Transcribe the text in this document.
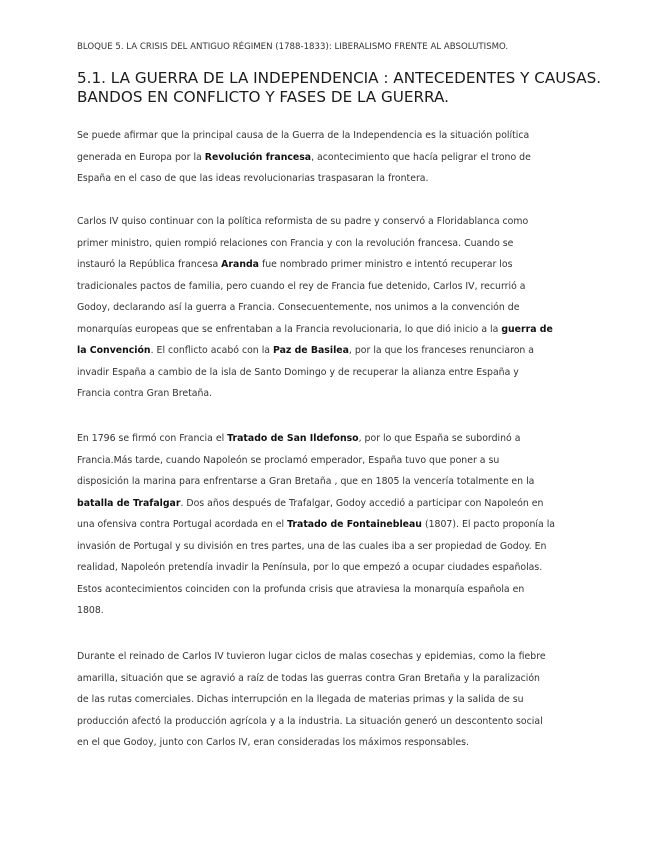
BLOQUE 5. LA CRISIS DEL ANTIGUO RÉGIMEN (1788-1833): LIBERALISMO FRENTE AL ABSOLUTISMO.
5.1. LA GUERRA DE LA INDEPENDENCIA : ANTECEDENTES Y CAUSAS.
BANDOS EN CONFLICTO Y FASES DE LA GUERRA.

Se puede afirmar que la principal causa de la Guerra de la Independencia es la situación política
generada en Europa por la Revolución francesa, acontecimiento que hacía peligrar el trono de
España en el caso de que las ideas revolucionarias traspasaran la frontera.

Carlos IV quiso continuar con la política reformista de su padre y conservó a Floridablanca como
primer ministro, quien rompió relaciones con Francia y con la revolución francesa. Cuando se
instauró la República francesa Aranda fue nombrado primer ministro e intentó recuperar los
tradicionales pactos de familia, pero cuando el rey de Francia fue detenido, Carlos IV, recurrió a
Godoy, declarando así la guerra a Francia. Consecuentemente, nos unimos a la convención de
monarquías europeas que se enfrentaban a la Francia revolucionaria, lo que dió inicio a la guerra de
la Convención. El conflicto acabó con la Paz de Basilea, por la que los franceses renunciaron a
invadir España a cambio de la isla de Santo Domingo y de recuperar la alianza entre España y
Francia contra Gran Bretaña.

En 1796 se firmó con Francia el Tratado de San Ildefonso, por lo que España se subordinó a
Francia.Más tarde, cuando Napoleón se proclamó emperador, España tuvo que poner a su
disposición la marina para enfrentarse a Gran Bretaña , que en 1805 la vencería totalmente en la
batalla de Trafalgar. Dos años después de Trafalgar, Godoy accedió a participar con Napoleón en
una ofensiva contra Portugal acordada en el Tratado de Fontainebleau (1807). El pacto proponía la
invasión de Portugal y su división en tres partes, una de las cuales iba a ser propiedad de Godoy. En
realidad, Napoleón pretendía invadir la Península, por lo que empezó a ocupar ciudades españolas.
Estos acontecimientos coinciden con la profunda crisis que atraviesa la monarquía española en
1808.

Durante el reinado de Carlos IV tuvieron lugar ciclos de malas cosechas y epidemias, como la fiebre
amarilla, situación que se agravió a raíz de todas las guerras contra Gran Bretaña y la paralización
de las rutas comerciales. Dichas interrupción en la llegada de materias primas y la salida de su
producción afectó la producción agrícola y a la industria. La situación generó un descontento social
en el que Godoy, junto con Carlos IV, eran consideradas los máximos responsables.
